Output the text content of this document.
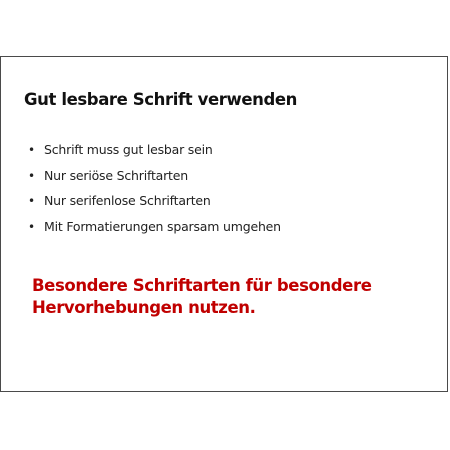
Gut lesbare Schrift verwenden
• Schrift muss gut lesbar sein
• Nur seriöse Schriftarten
• Nur serifenlose Schriftarten
• Mit Formatierungen sparsam umgehen

Besondere Schriftarten für besondere
Hervorhebungen nutzen.
